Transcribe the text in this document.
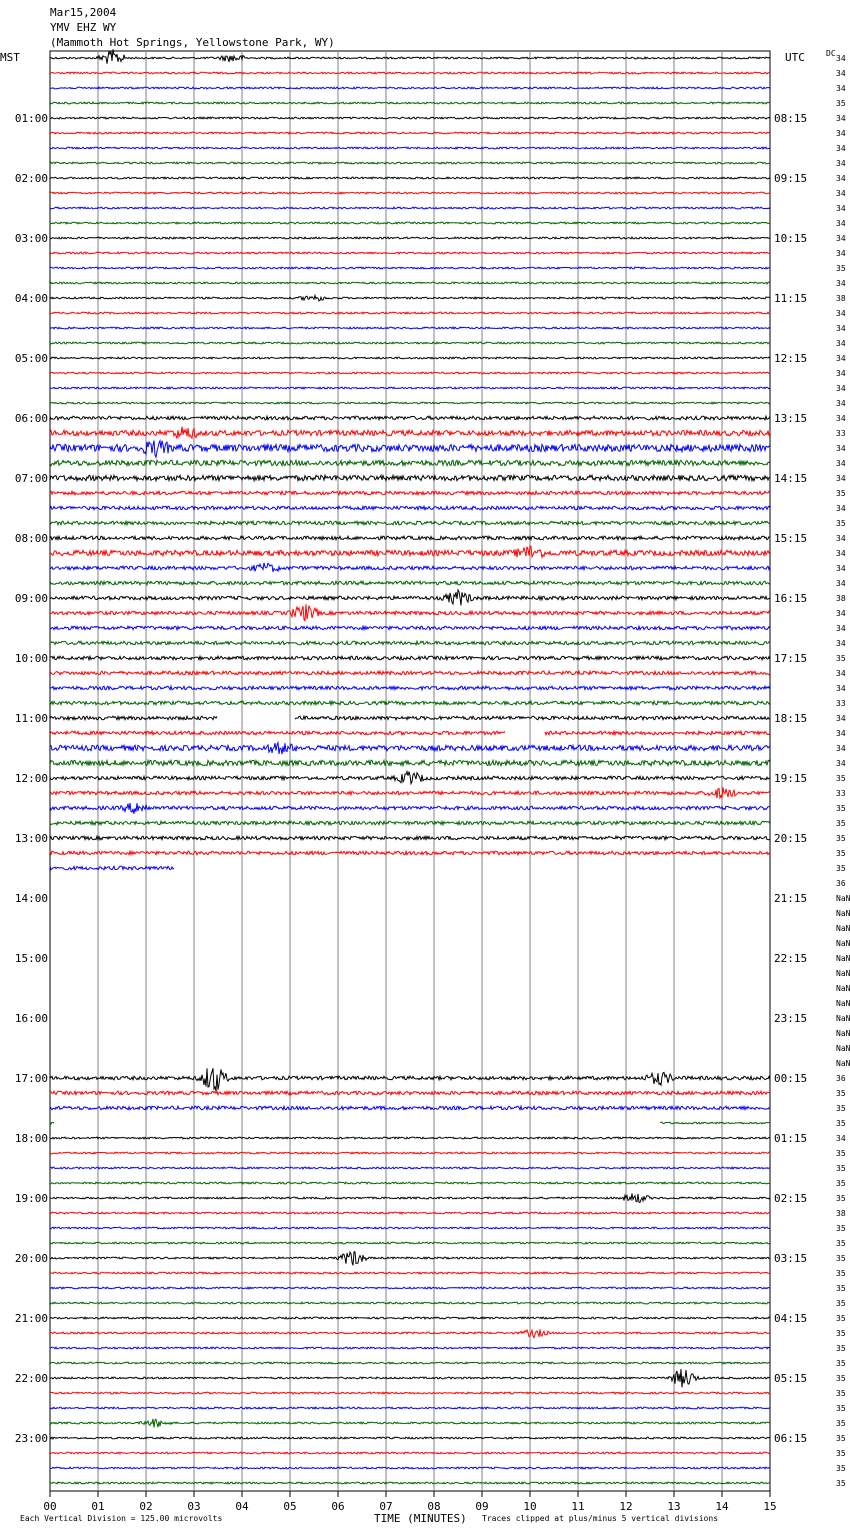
Mar15,2004
YMV EHZ WY
(Mammoth Hot Springs, Yellowstone Park, WY)
MST	UTC	DC
00	01	02	03	04	05	06	07	08	09	10	11	12	13	14	15
01:00
02:00
03:00
04:00
05:00
06:00
07:00
08:00
09:00
10:00
11:00
12:00
13:00
14:00
15:00
16:00
17:00
18:00
19:00
20:00
21:00
22:00
23:00
08:15
09:15
10:15
11:15
12:15
13:15
14:15
15:15
16:15
17:15
18:15
19:15
20:15
21:15
22:15
23:15
00:15
01:15
02:15
03:15
04:15
05:15
06:15
34
34
34
35
34
34
34
34
34
34
34
34
34
34
35
34
38
34
34
34
34
34
34
34
34
33
34
34
34
35
34
35
34
34
34
34
38
34
34
34
35
34
34
33
34
34
34
34
35
33
35
35
35
35
35
36
NaN
NaN
NaN
NaN
NaN
NaN
NaN
NaN
NaN
NaN
NaN
NaN
36
35
35
35
34
35
35
35
35
38
35
35
35
35
35
35
35
35
35
35
35
35
35
35
35
35
35
35
Each Vertical Division = 125.00 microvolts	TIME (MINUTES) Traces clipped at plus/minus 5 vertical divisions
